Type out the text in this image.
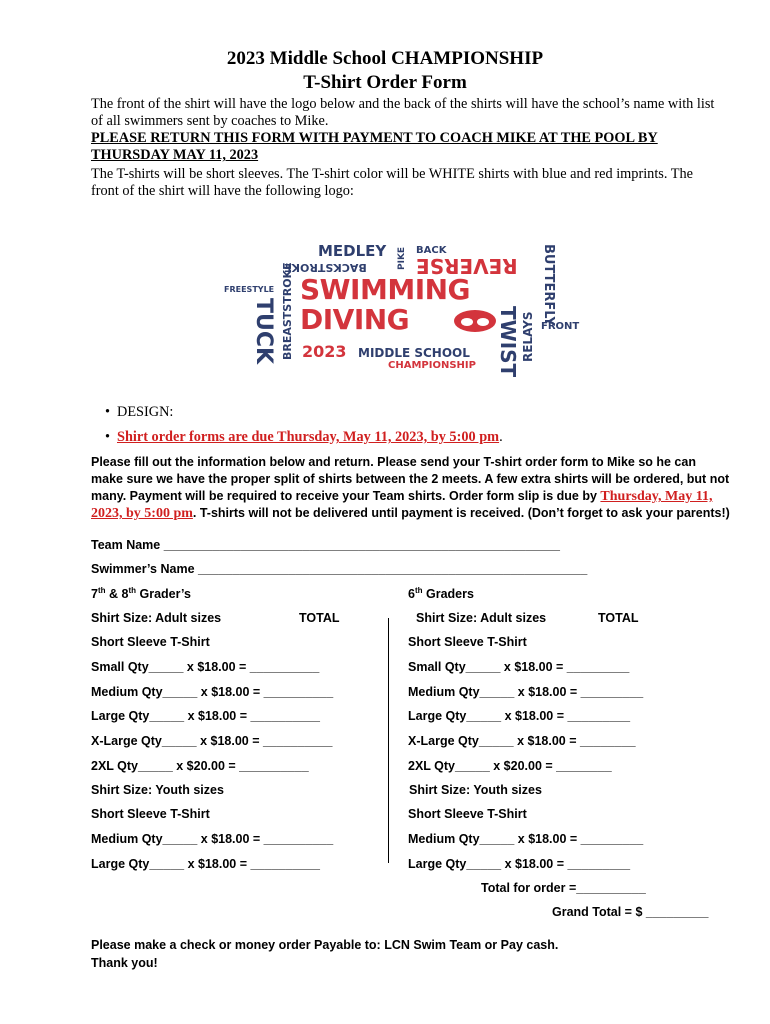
2023 Middle School CHAMPIONSHIP
T-Shirt Order Form
The front of the shirt will have the logo below and the back of the shirts will have the school’s name with list of all swimmers sent by coaches to Mike.
PLEASE RETURN THIS FORM WITH PAYMENT TO COACH MIKE AT THE POOL BY THURSDAY MAY 11, 2023
The T-shirts will be short sleeves. The T-shirt color will be WHITE shirts with blue and red imprints. The front of the shirt will have the following logo:
MEDLEY PIKE BACK
BACKSTROKE REVERSE BUTTERFLY
FREESTYLE
TUCK BREASTSTROKE SWIMMING
DIVING	TWIST RELAYS FRONT
2023 MIDDLE SCHOOL
CHAMPIONSHIP
• DESIGN:
• Shirt order forms are due Thursday, May 11, 2023, by 5:00 pm.
Please fill out the information below and return. Please send your T-shirt order form to Mike so he can make sure we have the proper split of shirts between the 2 meets. A few extra shirts will be ordered, but not many. Payment will be required to receive your Team shirts. Order form slip is due by Thursday, May 11, 2023, by 5:00 pm. T-shirts will not be delivered until payment is received. (Don’t forget to ask your parents!)
Team Name _________________________________________________________
Swimmer’s Name ________________________________________________________
7th & 8th Grader’s
Shirt Size: Adult sizes	TOTAL
Short Sleeve T-Shirt
Small Qty_____ x $18.00 = __________
Medium Qty_____ x $18.00 = __________
Large Qty_____ x $18.00 = __________
X-Large Qty_____ x $18.00 = __________
2XL Qty_____ x $20.00 = __________
Shirt Size: Youth sizes
Short Sleeve T-Shirt
Medium Qty_____ x $18.00 = __________
Large Qty_____ x $18.00 = __________
6th Graders
Shirt Size: Adult sizes	TOTAL
Short Sleeve T-Shirt
Small Qty_____ x $18.00 = _________
Medium Qty_____ x $18.00 = _________
Large Qty_____ x $18.00 = _________
X-Large Qty_____ x $18.00 = ________
2XL Qty_____ x $20.00 = ________
Shirt Size: Youth sizes
Short Sleeve T-Shirt
Medium Qty_____ x $18.00 = _________
Large Qty_____ x $18.00 = _________
Total for order =__________
Grand Total = $ _________
Please make a check or money order Payable to: LCN Swim Team or Pay cash.
Thank you!
